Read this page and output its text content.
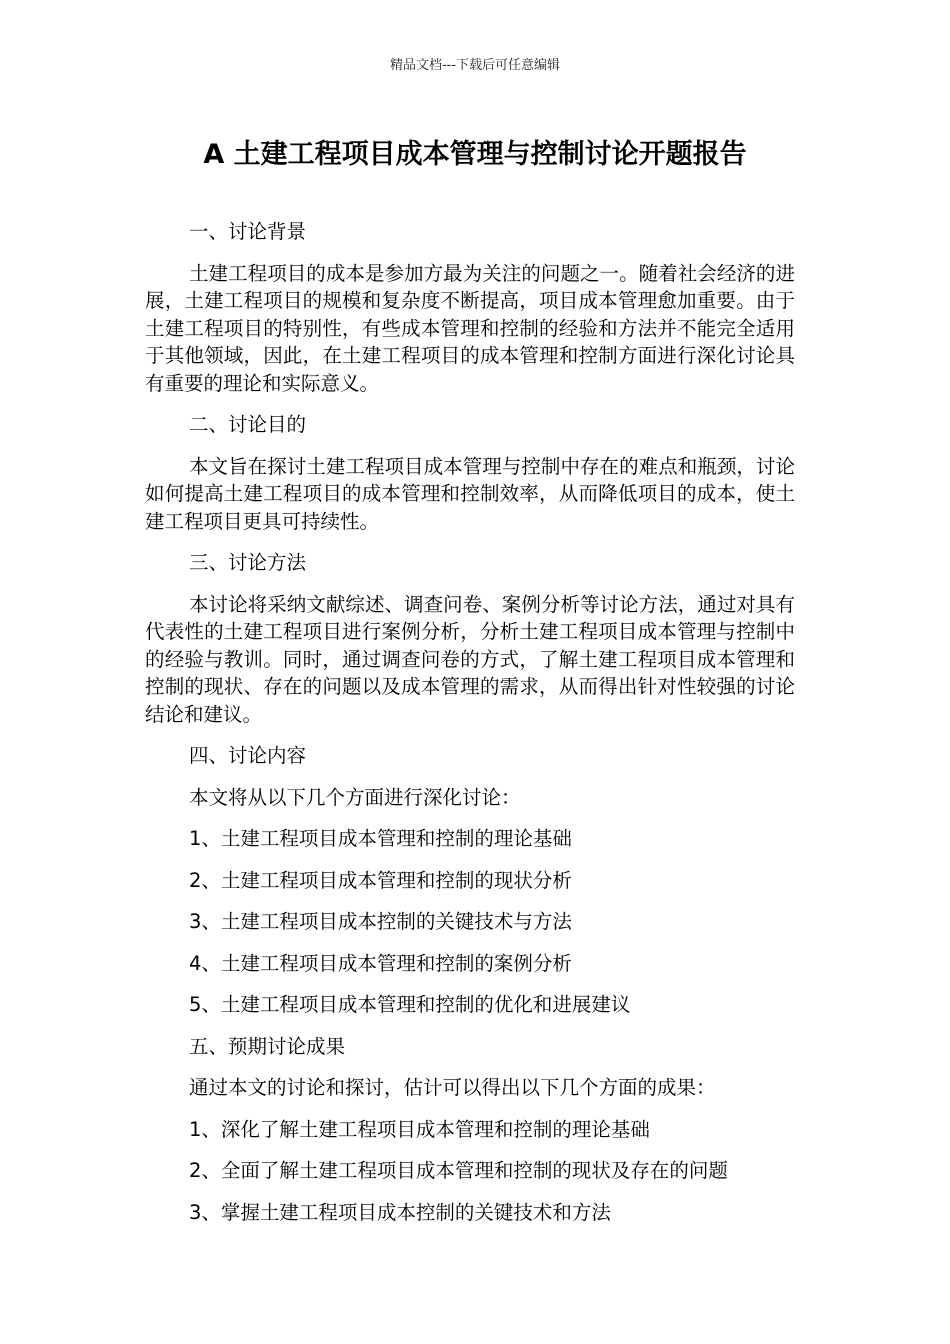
精品文档---下载后可任意编辑
A 土建工程项目成本管理与控制讨论开题报告

一、讨论背景

土建工程项目的成本是参加方最为关注的问题之一。随着社会经济的进展，土建工程项目的规模和复杂度不断提高，项目成本管理愈加重要。由于土建工程项目的特别性，有些成本管理和控制的经验和方法并不能完全适用于其他领域，因此，在土建工程项目的成本管理和控制方面进行深化讨论具有重要的理论和实际意义。

二、讨论目的

本文旨在探讨土建工程项目成本管理与控制中存在的难点和瓶颈，讨论如何提高土建工程项目的成本管理和控制效率，从而降低项目的成本，使土建工程项目更具可持续性。

三、讨论方法

本讨论将采纳文献综述、调查问卷、案例分析等讨论方法，通过对具有代表性的土建工程项目进行案例分析，分析土建工程项目成本管理与控制中的经验与教训。同时，通过调查问卷的方式，了解土建工程项目成本管理和控制的现状、存在的问题以及成本管理的需求，从而得出针对性较强的讨论结论和建议。

四、讨论内容

本文将从以下几个方面进行深化讨论：

1、土建工程项目成本管理和控制的理论基础

2、土建工程项目成本管理和控制的现状分析

3、土建工程项目成本控制的关键技术与方法

4、土建工程项目成本管理和控制的案例分析

5、土建工程项目成本管理和控制的优化和进展建议

五、预期讨论成果

通过本文的讨论和探讨，估计可以得出以下几个方面的成果：

1、深化了解土建工程项目成本管理和控制的理论基础

2、全面了解土建工程项目成本管理和控制的现状及存在的问题

3、掌握土建工程项目成本控制的关键技术和方法
